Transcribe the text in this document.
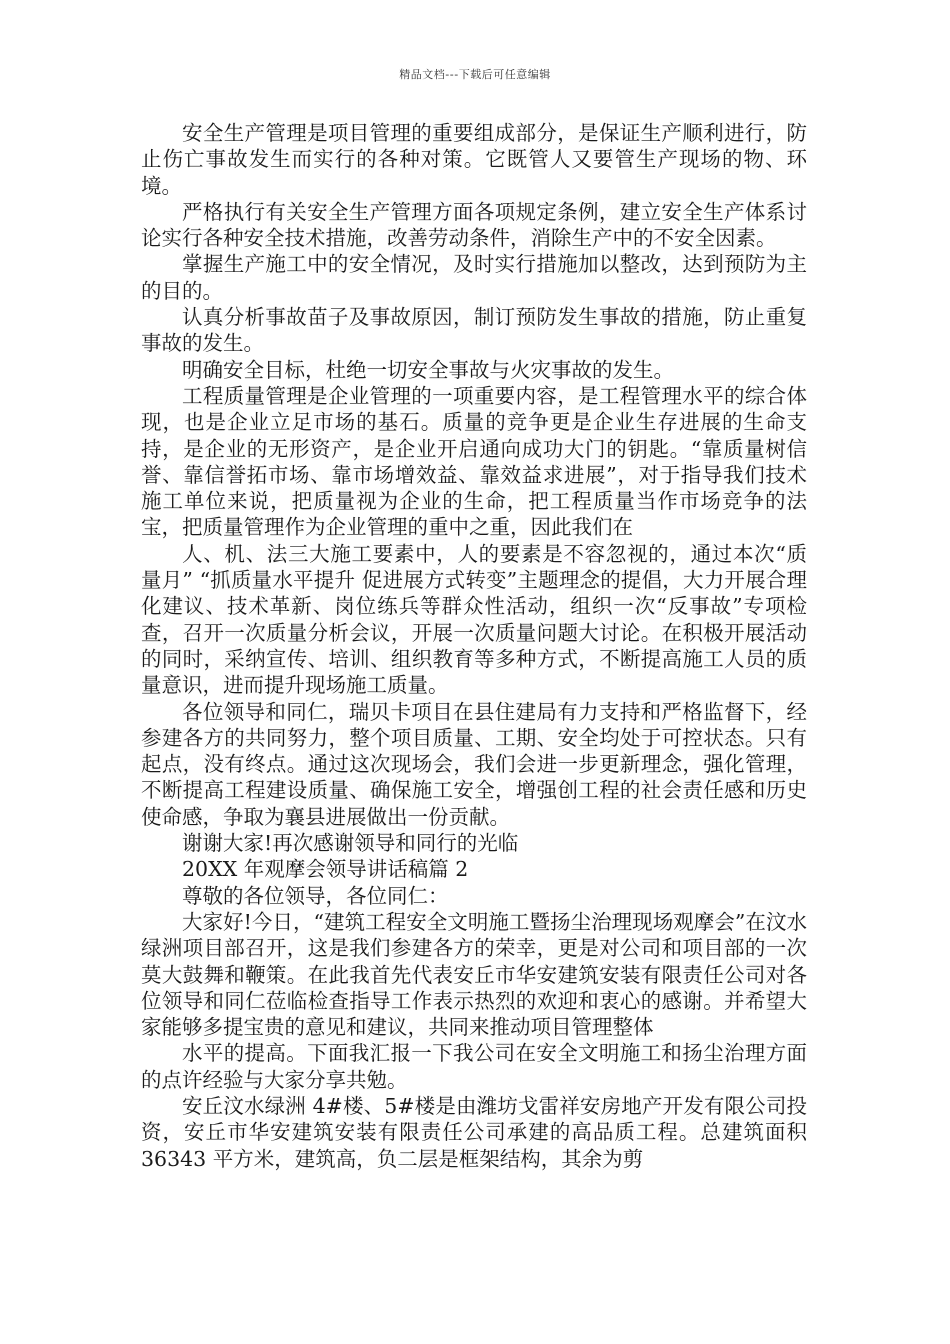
精品文档---下载后可任意编辑

安全生产管理是项目管理的重要组成部分，是保证生产顺利进行，防止伤亡事故发生而实行的各种对策。它既管人又要管生产现场的物、环境。

严格执行有关安全生产管理方面各项规定条例，建立安全生产体系讨论实行各种安全技术措施，改善劳动条件，消除生产中的不安全因素。

掌握生产施工中的安全情况，及时实行措施加以整改，达到预防为主的目的。

认真分析事故苗子及事故原因，制订预防发生事故的措施，防止重复事故的发生。

明确安全目标，杜绝一切安全事故与火灾事故的发生。

工程质量管理是企业管理的一项重要内容，是工程管理水平的综合体现，也是企业立足市场的基石。质量的竞争更是企业生存进展的生命支持，是企业的无形资产，是企业开启通向成功大门的钥匙。“靠质量树信誉、靠信誉拓市场、靠市场增效益、靠效益求进展”，对于指导我们技术施工单位来说，把质量视为企业的生命，把工程质量当作市场竞争的法宝，把质量管理作为企业管理的重中之重，因此我们在

人、机、法三大施工要素中，人的要素是不容忽视的，通过本次“质量月” “抓质量水平提升 促进展方式转变”主题理念的提倡，大力开展合理化建议、技术革新、岗位练兵等群众性活动，组织一次“反事故”专项检查，召开一次质量分析会议，开展一次质量问题大讨论。在积极开展活动的同时，采纳宣传、培训、组织教育等多种方式，不断提高施工人员的质量意识，进而提升现场施工质量。

各位领导和同仁，瑞贝卡项目在县住建局有力支持和严格监督下，经参建各方的共同努力，整个项目质量、工期、安全均处于可控状态。只有起点，没有终点。通过这次现场会，我们会进一步更新理念，强化管理，不断提高工程建设质量、确保施工安全，增强创工程的社会责任感和历史使命感，争取为襄县进展做出一份贡献。

谢谢大家!再次感谢领导和同行的光临

20XX 年观摩会领导讲话稿篇 2

尊敬的各位领导，各位同仁：

大家好!今日，“建筑工程安全文明施工暨扬尘治理现场观摩会”在汶水绿洲项目部召开，这是我们参建各方的荣幸，更是对公司和项目部的一次莫大鼓舞和鞭策。在此我首先代表安丘市华安建筑安装有限责任公司对各位领导和同仁莅临检查指导工作表示热烈的欢迎和衷心的感谢。并希望大家能够多提宝贵的意见和建议，共同来推动项目管理整体

水平的提高。下面我汇报一下我公司在安全文明施工和扬尘治理方面的点许经验与大家分享共勉。

安丘汶水绿洲 4#楼、5#楼是由潍坊戈雷祥安房地产开发有限公司投资，安丘市华安建筑安装有限责任公司承建的高品质工程。总建筑面积 36343 平方米，建筑高，负二层是框架结构，其余为剪
